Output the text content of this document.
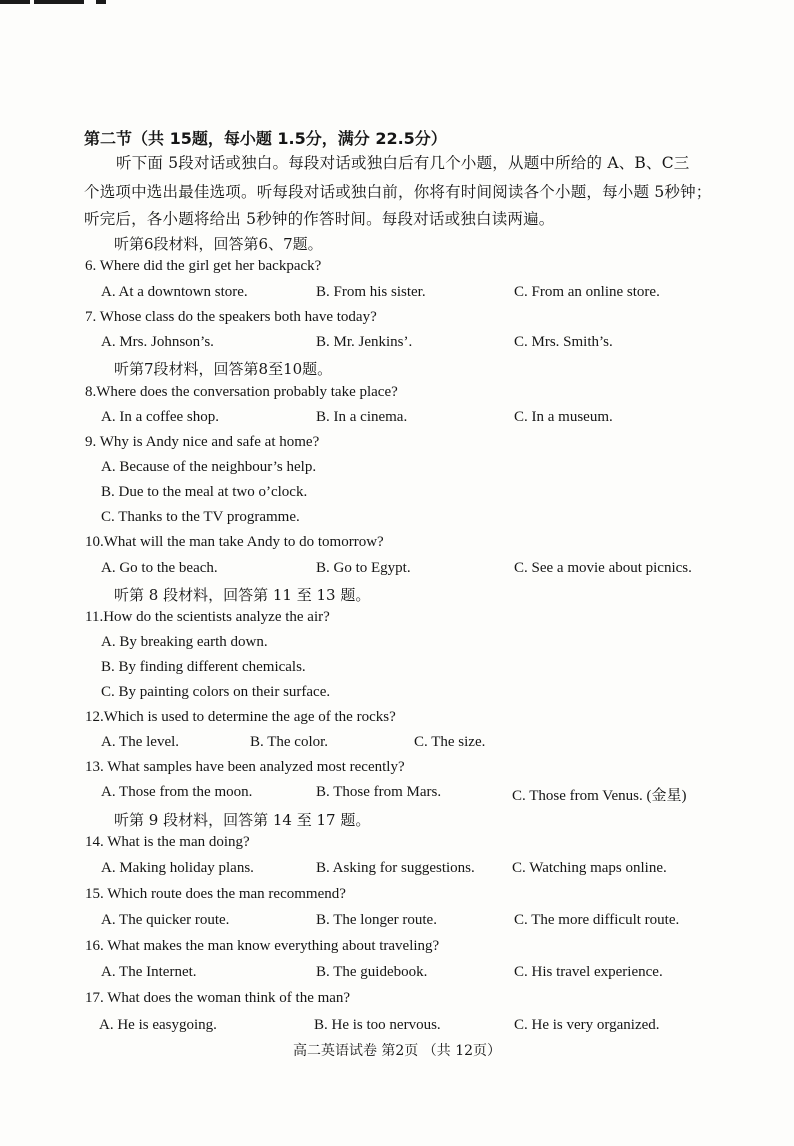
第二节（共 15题，每小题 1.5分，满分 22.5分）
听下面 5段对话或独白。每段对话或独白后有几个小题，从题中所给的 A、B、C三
个选项中选出最佳选项。听每段对话或独白前，你将有时间阅读各个小题，每小题 5秒钟；
听完后，各小题将给出 5秒钟的作答时间。每段对话或独白读两遍。
听第6段材料，回答第6、7题。
6. Where did the girl get her backpack?
A. At a downtown store.	B. From his sister.	C. From an online store.
7. Whose class do the speakers both have today?
A. Mrs. Johnson’s.	B. Mr. Jenkins’.	C. Mrs. Smith’s.
听第7段材料，回答第8至10题。
8.Where does the conversation probably take place?
A. In a coffee shop.	B. In a cinema.	C. In a museum.
9. Why is Andy nice and safe at home?
A. Because of the neighbour’s help.
B. Due to the meal at two o’clock.
C. Thanks to the TV programme.
10.What will the man take Andy to do tomorrow?
A. Go to the beach.	B. Go to Egypt.	C. See a movie about picnics.
听第 8 段材料，回答第 11 至 13 题。
11.How do the scientists analyze the air?
A. By breaking earth down.
B. By finding different chemicals.
C. By painting colors on their surface.
12.Which is used to determine the age of the rocks?
A. The level.	B. The color.	C. The size.
13. What samples have been analyzed most recently?
A. Those from the moon.	B. Those from Mars.	C. Those from Venus. (金星)
听第 9 段材料，回答第 14 至 17 题。
14. What is the man doing?
A. Making holiday plans.	B. Asking for suggestions. C. Watching maps online.
15. Which route does the man recommend?
A. The quicker route.	B. The longer route.	C. The more difficult route.
16. What makes the man know everything about traveling?
A. The Internet.	B. The guidebook.	C. His travel experience.
17. What does the woman think of the man?
A. He is easygoing.	B. He is too nervous.	C. He is very organized.
高二英语试卷 第2页 （共 12页）
